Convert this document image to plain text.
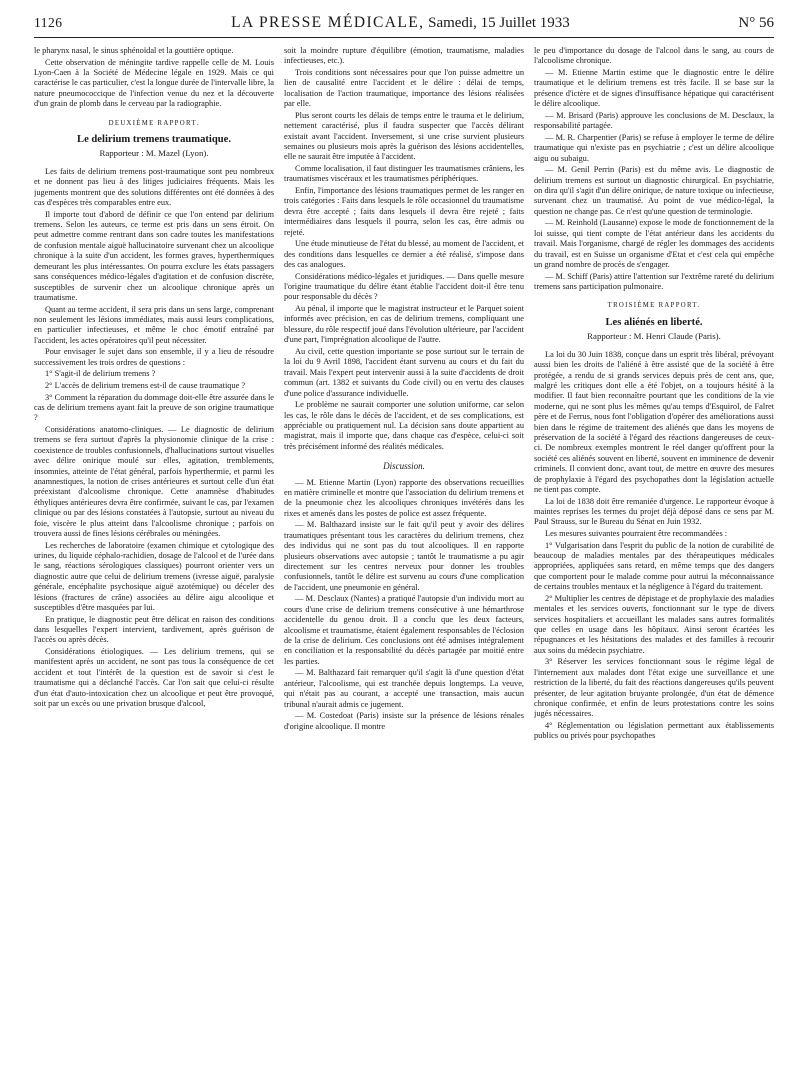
1126	LA PRESSE MÉDICALE, Samedi, 15 Juillet 1933	N° 56

le pharynx nasal, le sinus sphénoïdal et la gouttière optique.

Cette observation de méningite tardive rappelle celle de M. Louis Lyon-Caen à la Société de Médecine légale en 1929. Mais ce qui caractérise le cas particulier, c'est la longue durée de l'intervalle libre, la nature pneumococcique de l'infection venue du nez et la découverte d'un grain de plomb dans le cerveau par la radiographie.

DEUXIÈME RAPPORT.
Le delirium tremens traumatique.
Rapporteur : M. Mazel (Lyon).

Les faits de delirium tremens post-traumatique sont peu nombreux et ne donnent pas lieu à des litiges judiciaires fréquents. Mais les jugements montrent que des solutions différentes ont été données à des cas d'espèces très comparables entre eux.

Il importe tout d'abord de définir ce que l'on entend par delirium tremens. Selon les auteurs, ce terme est pris dans un sens étroit. On peut admettre comme rentrant dans son cadre toutes les manifestations de confusion mentale aiguë hallucinatoire survenant chez un alcoolique chronique à la suite d'un accident, les formes graves, hyperthermiques demeurant les plus intéressantes. On pourra exclure les états passagers sans conséquences médico-légales d'agitation et de confusion discrète, susceptibles de survenir chez un alcoolique chronique après un traumatisme.

Quant au terme accident, il sera pris dans un sens large, comprenant non seulement les lésions immédiates, mais aussi leurs complications, en particulier infectieuses, et même le choc émotif entraîné par l'accident, les actes opératoires qu'il peut nécessiter.

Pour envisager le sujet dans son ensemble, il y a lieu de résoudre successivement les trois ordres de questions :

1° S'agit-il de delirium tremens ?

2° L'accès de delirium tremens est-il de cause traumatique ?

3° Comment la réparation du dommage doit-elle être assurée dans le cas de delirium tremens ayant fait la preuve de son origine traumatique ?

Considérations anatomo-cliniques. — Le diagnostic de delirium tremens se fera surtout d'après la physionomie clinique de la crise : coexistence de troubles confusionnels, d'hallucinations surtout visuelles avec délire onirique moulé sur elles, agitation, tremblements, insomnies, atteinte de l'état général, parfois hyperthermie, et parmi les anamnestiques, la notion de crises antérieures et surtout celle d'un état préexistant d'alcoolisme chronique. Cette anamnèse d'habitudes éthyliques antérieures devra être confirmée, suivant le cas, par l'examen clinique ou par des lésions constatées à l'autopsie, surtout au niveau du foie, viscère le plus atteint dans l'alcoolisme chronique ; parfois on trouvera aussi de fines lésions cérébrales ou méningées.

Les recherches de laboratoire (examen chimique et cytologique des urines, du liquide céphalo-rachidien, dosage de l'alcool et de l'urée dans le sang, réactions sérologiques classiques) pourront orienter vers un diagnostic autre que celui de delirium tremens (ivresse aiguë, paralysie générale, encéphalite psychosique aiguë azotémique) ou déceler des lésions (fractures de crâne) associées au délire aigu alcoolique et susceptibles d'être masquées par lui.

En pratique, le diagnostic peut être délicat en raison des conditions dans lesquelles l'expert intervient, tardivement, après guérison de l'accès ou après décès.

Considérations étiologiques. — Les delirium tremens, qui se manifestent après un accident, ne sont pas tous la conséquence de cet accident et tout l'intérêt de la question est de savoir si c'est le traumatisme qui a déclanché l'accès. Car l'on sait que celui-ci résulte d'un état d'auto-intoxication chez un alcoolique et peut être provoqué, soit par un excès ou une privation brusque d'alcool,

soit la moindre rupture d'équilibre (émotion, traumatisme, maladies infectieuses, etc.).

Trois conditions sont nécessaires pour que l'on puisse admettre un lien de causalité entre l'accident et le délire : délai de temps, localisation de l'action traumatique, importance des lésions réalisées par elle.

Plus seront courts les délais de temps entre le trauma et le delirium, nettement caractérisé, plus il faudra suspecter que l'accès délirant existait avant l'accident. Inversement, si une crise survient plusieurs semaines ou plusieurs mois après la guérison des lésions accidentelles, elle ne saurait être imputée à l'accident.

Comme localisation, il faut distinguer les traumatismes crâniens, les traumatismes viscéraux et les traumatismes périphériques.

Enfin, l'importance des lésions traumatiques permet de les ranger en trois catégories : Faits dans lesquels le rôle occasionnel du traumatisme devra être accepté ; faits dans lesquels il devra être rejeté ; faits intermédiaires dans lesquels il pourra, selon les cas, être admis ou rejeté.

Une étude minutieuse de l'état du blessé, au moment de l'accident, et des conditions dans lesquelles ce dernier a été réalisé, s'impose dans des cas analogues.

Considérations médico-légales et juridiques. — Dans quelle mesure l'origine traumatique du délire étant établie l'accident doit-il être tenu pour responsable du décès ?

Au pénal, il importe que le magistrat instructeur et le Parquet soient informés avec précision, en cas de delirium tremens, compliquant une blessure, du rôle respectif joué dans l'évolution ultérieure, par l'accident d'une part, l'imprégnation alcoolique de l'autre.

Au civil, cette question importante se pose surtout sur le terrain de la loi du 9 Avril 1898, l'accident étant survenu au cours et du fait du travail. Mais l'expert peut intervenir aussi à la suite d'accidents de droit commun (art. 1382 et suivants du Code civil) ou en vertu des clauses d'une police d'assurance individuelle.

Le problème ne saurait comporter une solution uniforme, car selon les cas, le rôle dans le décès de l'accident, et de ses complications, est appréciable ou pratiquement nul. La décision sans doute appartient au magistrat, mais il importe que, dans chaque cas d'espèce, celui-ci soit très précisément informé des réalités médicales.

Discussion.

— M. Etienne Martin (Lyon) rapporte des observations recueillies en matière criminelle et montre que l'association du delirium tremens et de la pneumonie chez les alcooliques chroniques invétérés dans les rixes et amenés dans les postes de police est assez fréquente.

— M. Balthazard insiste sur le fait qu'il peut y avoir des délires traumatiques présentant tous les caractères du delirium tremens, chez des individus qui ne sont pas du tout alcooliques. Il en rapporte plusieurs observations avec autopsie ; tantôt le traumatisme a pu agir directement sur les centres nerveux pour donner les troubles confusionnels, tantôt le délire est survenu au cours d'une complication de l'accident, une pneumonie en général.

— M. Desclaux (Nantes) a pratiqué l'autopsie d'un individu mort au cours d'une crise de delirium tremens consécutive à une hémarthrose accidentelle du genou droit. Il a conclu que les deux facteurs, alcoolisme et traumatisme, étaient également responsables de l'éclosion de la crise de delirium. Ces conclusions ont été admises intégralement en conciliation et la responsabilité du décès partagée par moitié entre les parties.

— M. Balthazard fait remarquer qu'il s'agit là d'une question d'état antérieur, l'alcoolisme, qui est tranchée depuis longtemps. La veuve, qui n'était pas au courant, a accepté une transaction, mais aucun tribunal n'aurait admis ce jugement.

— M. Costedoat (Paris) insiste sur la présence de lésions rénales d'origine alcoolique. Il montre

le peu d'importance du dosage de l'alcool dans le sang, au cours de l'alcoolisme chronique.

— M. Etienne Martin estime que le diagnostic entre le délire traumatique et le delirium tremens est très facile. Il se base sur la présence d'ictère et de signes d'insuffisance hépatique qui caractérisent le délire alcoolique.

— M. Brisard (Paris) approuve les conclusions de M. Desclaux, la responsabilité partagée.

— M. R. Charpentier (Paris) se refuse à employer le terme de délire traumatique qui n'existe pas en psychiatrie ; c'est un délire alcoolique aigu ou subaigu.

— M. Genil Perrin (Paris) est du même avis. Le diagnostic de delirium tremens est surtout un diagnostic chirurgical. En psychiatrie, on dira qu'il s'agit d'un délire onirique, de nature toxique ou infectieuse, survenant chez un traumatisé. Au point de vue médico-légal, la question ne change pas. Ce n'est qu'une question de terminologie.

— M. Reinhold (Lausanne) expose le mode de fonctionnement de la loi suisse, qui tient compte de l'état antérieur dans les accidents du travail. Mais l'organisme, chargé de régler les dommages des accidents du travail, est en Suisse un organisme d'Etat et c'est cela qui empêche un grand nombre de procès de s'engager.

— M. Schiff (Paris) attire l'attention sur l'extrême rareté du delirium tremens sans participation pulmonaire.

TROISIÈME RAPPORT.
Les aliénés en liberté.
Rapporteur : M. Henri Claude (Paris).

La loi du 30 Juin 1838, conçue dans un esprit très libéral, prévoyant aussi bien les droits de l'aliéné à être assisté que de la société à être protégée, a rendu de si grands services depuis près de cent ans, que, malgré les critiques dont elle a été l'objet, on a toujours hésité à la modifier. Il faut bien reconnaître pourtant que les conditions de la vie moderne, qui ne sont plus les mêmes qu'au temps d'Esquirol, de Falret père et de Ferrus, nous font l'obligation d'opérer des améliorations aussi bien dans le régime de traitement des aliénés que dans les moyens de préservation de la société à l'égard des réactions dangereuses de ceux-ci. De nombreux exemples montrent le réel danger qu'offrent pour la société ces aliénés souvent en liberté, souvent en imminence de devenir criminels. Il convient donc, avant tout, de mettre en œuvre des mesures de prophylaxie à l'égard des psychopathes dont la législation actuelle ne tient pas compte.

La loi de 1838 doit être remaniée d'urgence. Le rapporteur évoque à maintes reprises les termes du projet déjà déposé dans ce sens par M. Paul Strauss, sur le Bureau du Sénat en Juin 1932.

Les mesures suivantes pourraient être recommandées :

1° Vulgarisation dans l'esprit du public de la notion de curabilité de beaucoup de maladies mentales par des thérapeutiques médicales appropriées, appliquées sans retard, en même temps que des dangers que comportent pour le malade comme pour autrui la méconnaissance de certains troubles mentaux et la négligence à l'égard du traitement.

2° Multiplier les centres de dépistage et de prophylaxie des maladies mentales et les services ouverts, fonctionnant sur le type de divers services hospitaliers et accueillant les malades sans autres formalités que celles en usage dans les hôpitaux. Ainsi seront écartées les répugnances et les hésitations des malades et des familles à recourir aux soins du médecin psychiatre.

3° Réserver les services fonctionnant sous le régime légal de l'internement aux malades dont l'état exige une surveillance et une restriction de la liberté, du fait des réactions dangereuses qu'ils peuvent présenter, de leur agitation bruyante prolongée, d'un état de démence chronique confirmée, et enfin de leurs protestations contre les soins jugés nécessaires.

4° Réglementation ou législation permettant aux établissements publics ou privés pour psychopathes
